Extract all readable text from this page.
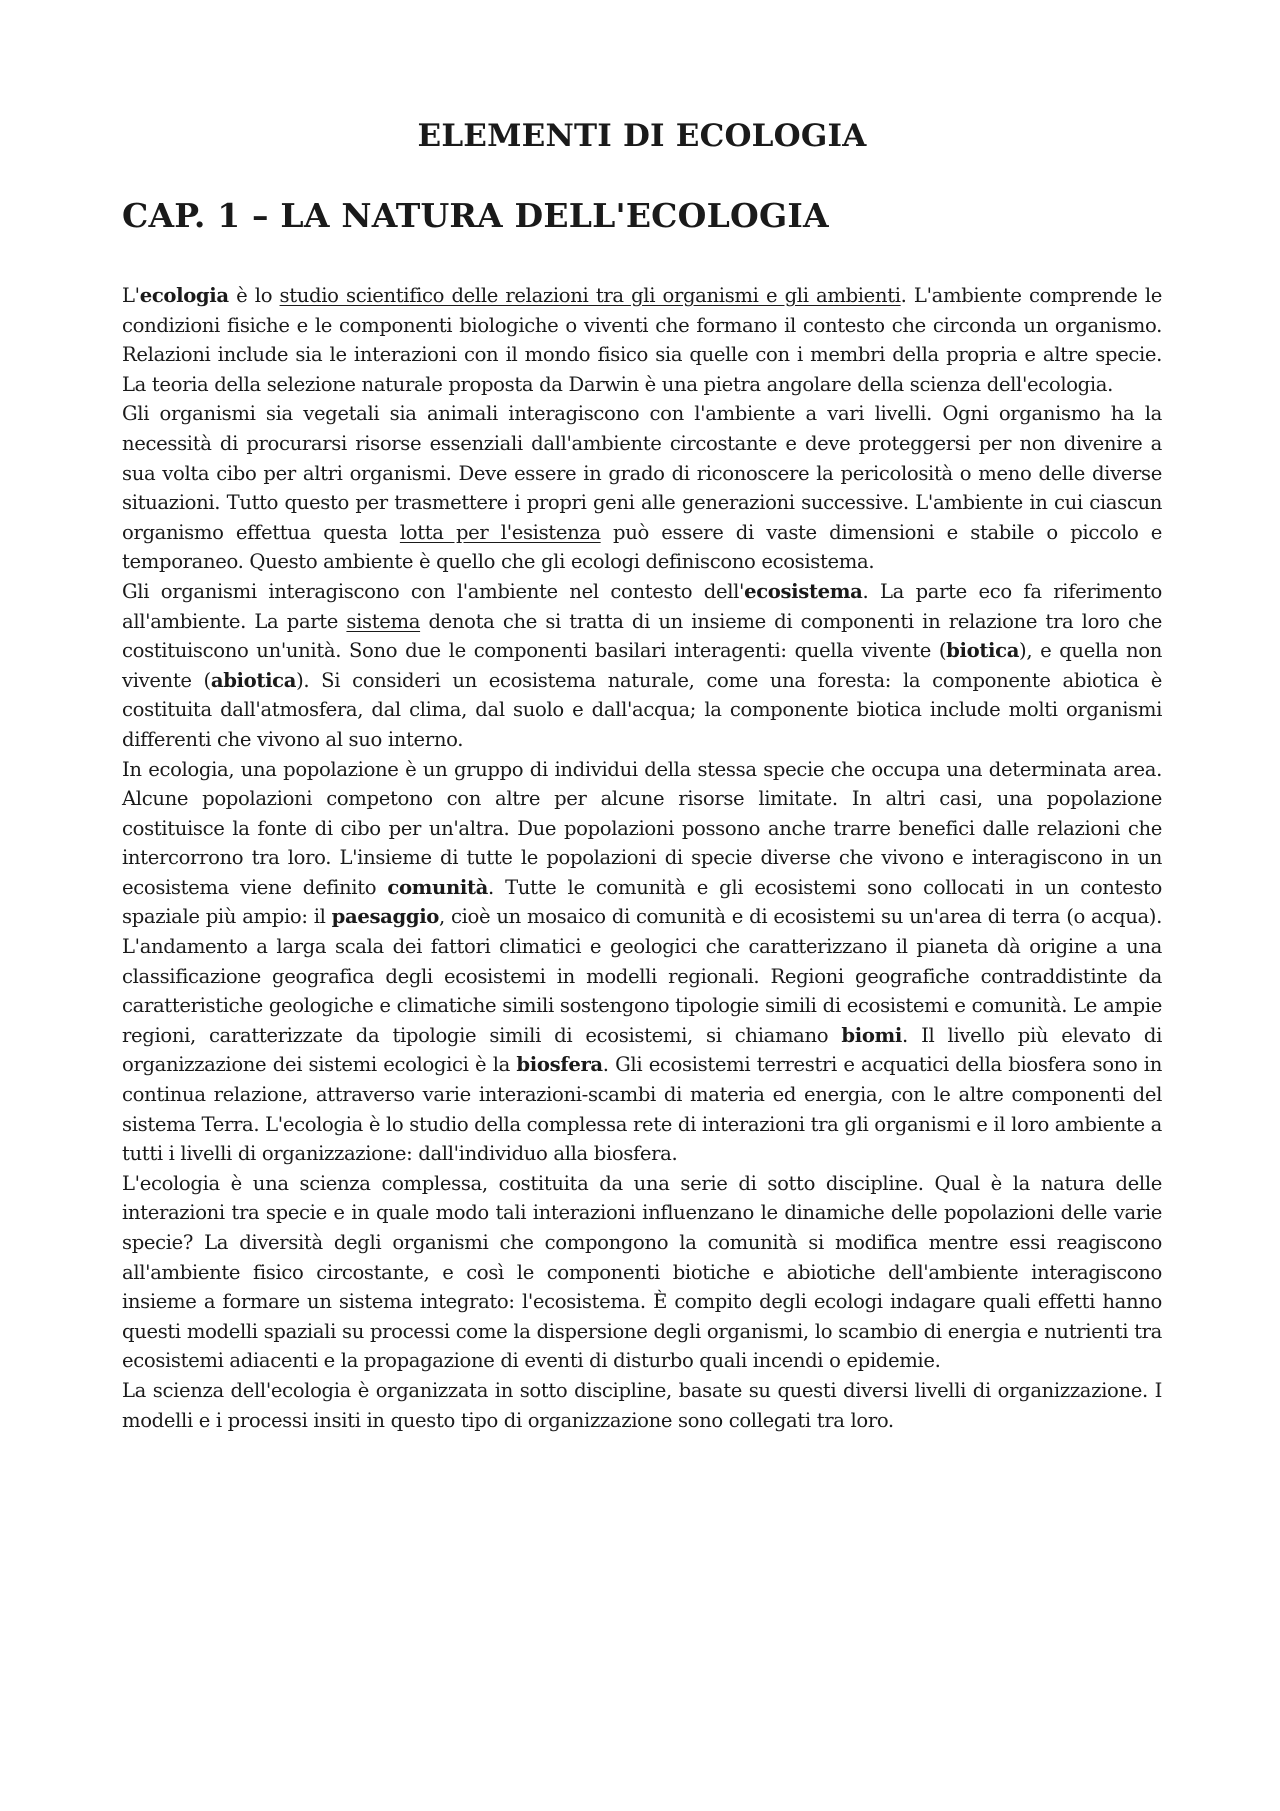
ELEMENTI DI ECOLOGIA
CAP. 1 – LA NATURA DELL'ECOLOGIA

L'ecologia è lo studio scientifico delle relazioni tra gli organismi e gli ambienti. L'ambiente comprende le condizioni fisiche e le componenti biologiche o viventi che formano il contesto che circonda un organismo. Relazioni include sia le interazioni con il mondo fisico sia quelle con i membri della propria e altre specie. La teoria della selezione naturale proposta da Darwin è una pietra angolare della scienza dell'ecologia.

Gli organismi sia vegetali sia animali interagiscono con l'ambiente a vari livelli. Ogni organismo ha la necessità di procurarsi risorse essenziali dall'ambiente circostante e deve proteggersi per non divenire a sua volta cibo per altri organismi. Deve essere in grado di riconoscere la pericolosità o meno delle diverse situazioni. Tutto questo per trasmettere i propri geni alle generazioni successive. L'ambiente in cui ciascun organismo effettua questa lotta per l'esistenza può essere di vaste dimensioni e stabile o piccolo e temporaneo. Questo ambiente è quello che gli ecologi definiscono ecosistema.

Gli organismi interagiscono con l'ambiente nel contesto dell'ecosistema. La parte eco fa riferimento all'ambiente. La parte sistema denota che si tratta di un insieme di componenti in relazione tra loro che costituiscono un'unità. Sono due le componenti basilari interagenti: quella vivente (biotica), e quella non vivente (abiotica). Si consideri un ecosistema naturale, come una foresta: la componente abiotica è costituita dall'atmosfera, dal clima, dal suolo e dall'acqua; la componente biotica include molti organismi differenti che vivono al suo interno.

In ecologia, una popolazione è un gruppo di individui della stessa specie che occupa una determinata area. Alcune popolazioni competono con altre per alcune risorse limitate. In altri casi, una popolazione costituisce la fonte di cibo per un'altra. Due popolazioni possono anche trarre benefici dalle relazioni che intercorrono tra loro. L'insieme di tutte le popolazioni di specie diverse che vivono e interagiscono in un ecosistema viene definito comunità. Tutte le comunità e gli ecosistemi sono collocati in un contesto spaziale più ampio: il paesaggio, cioè un mosaico di comunità e di ecosistemi su un'area di terra (o acqua). L'andamento a larga scala dei fattori climatici e geologici che caratterizzano il pianeta dà origine a una classificazione geografica degli ecosistemi in modelli regionali. Regioni geografiche contraddistinte da caratteristiche geologiche e climatiche simili sostengono tipologie simili di ecosistemi e comunità. Le ampie regioni, caratterizzate da tipologie simili di ecosistemi, si chiamano biomi. Il livello più elevato di organizzazione dei sistemi ecologici è la biosfera. Gli ecosistemi terrestri e acquatici della biosfera sono in continua relazione, attraverso varie interazioni-scambi di materia ed energia, con le altre componenti del sistema Terra. L'ecologia è lo studio della complessa rete di interazioni tra gli organismi e il loro ambiente a tutti i livelli di organizzazione: dall'individuo alla biosfera.

L'ecologia è una scienza complessa, costituita da una serie di sotto discipline. Qual è la natura delle interazioni tra specie e in quale modo tali interazioni influenzano le dinamiche delle popolazioni delle varie specie? La diversità degli organismi che compongono la comunità si modifica mentre essi reagiscono all'ambiente fisico circostante, e così le componenti biotiche e abiotiche dell'ambiente interagiscono insieme a formare un sistema integrato: l'ecosistema. È compito degli ecologi indagare quali effetti hanno questi modelli spaziali su processi come la dispersione degli organismi, lo scambio di energia e nutrienti tra ecosistemi adiacenti e la propagazione di eventi di disturbo quali incendi o epidemie.

La scienza dell'ecologia è organizzata in sotto discipline, basate su questi diversi livelli di organizzazione. I modelli e i processi insiti in questo tipo di organizzazione sono collegati tra loro.
